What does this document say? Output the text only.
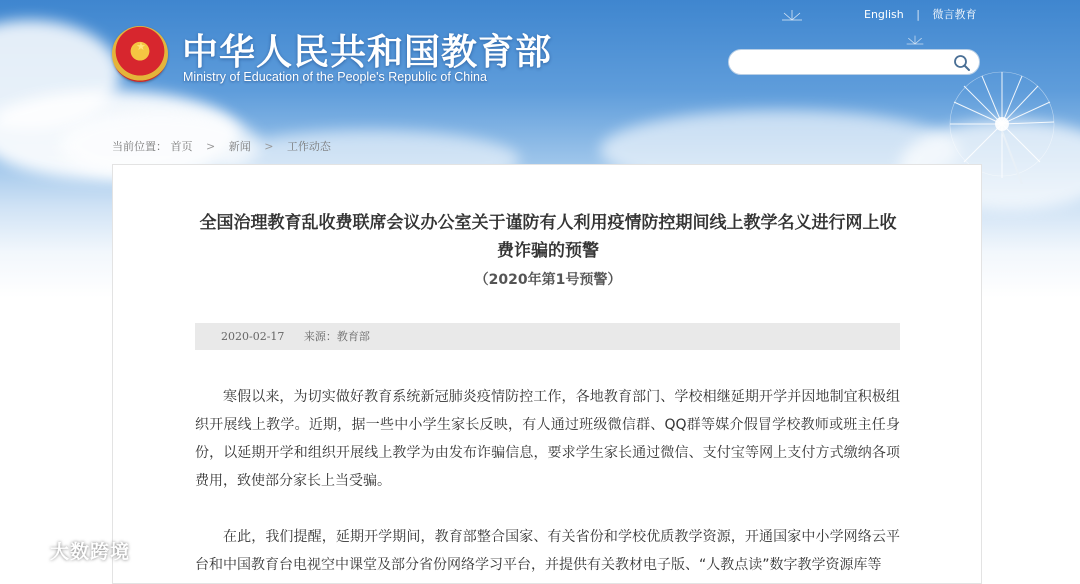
★ 中华人民共和国教育部
Ministry of Education of the People's Republic of China
English | 微言教育
当前位置： 首页 > 新闻 > 工作动态
全国治理教育乱收费联席会议办公室关于谨防有人利用疫情防控期间线上教学名义进行网上收费诈骗的预警
（2020年第1号预警）
2020-02-17 来源：教育部
寒假以来，为切实做好教育系统新冠肺炎疫情防控工作，各地教育部门、学校相继延期开学并因地制宜积极组织开展线上教学。近期，据一些中小学生家长反映，有人通过班级微信群、QQ群等媒介假冒学校教师或班主任身份，以延期开学和组织开展线上教学为由发布诈骗信息，要求学生家长通过微信、支付宝等网上支付方式缴纳各项费用，致使部分家长上当受骗。
在此，我们提醒，延期开学期间，教育部整合国家、有关省份和学校优质教学资源，开通国家中小学网络云平台和中国教育台电视空中课堂及部分省份网络学习平台，并提供有关教材电子版、“人教点读”数字教学资源库等
大数跨境
